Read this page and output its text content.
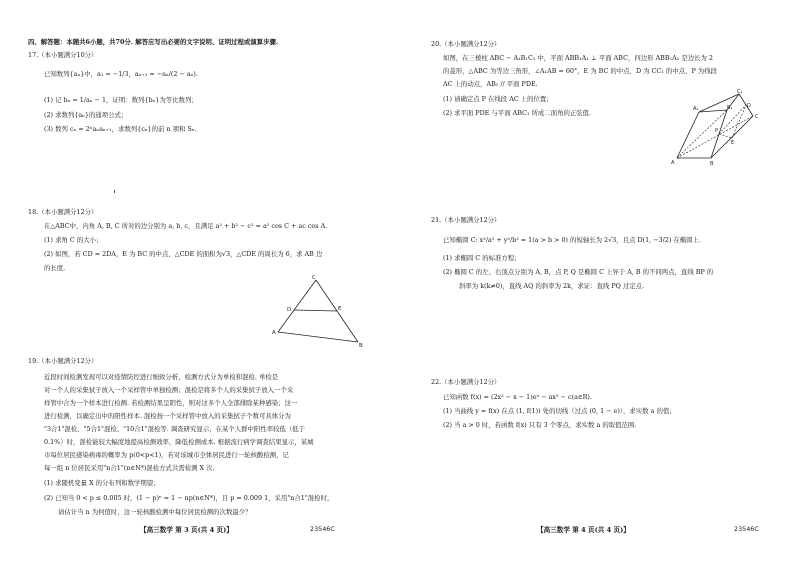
四、解答题：本题共6小题，共70分. 解答应写出必要的文字说明、证明过程或演算步骤.
17.（本小题满分10分）
已知数列{aₙ}中，a₁ = −1/3，aₙ₊₁ = −aₙ/(2 − aₙ).
(1) 记 bₙ = 1/aₙ − 1，证明：数列{bₙ}为等比数列；
(2) 求数列{aₙ}的通项公式；
(3) 数列 cₙ = 2ⁿaₙaₙ₊₁，求数列{cₙ}的前 n 项和 Sₙ.
18.（本小题满分12分）
在△ABC中，内角 A, B, C 所对的边分别为 a, b, c，且满足 a² + b² − c² = a² cos C + ac cos A.
(1) 求角 C 的大小；
(2) 如图，若 CD = 2DA，E 为 BC 的中点，△CDE 的面积为√3，△CDE 的周长为 6，求 AB 边
的长度.
C
D	E
A
B
19.（本小题满分12分）
近段时间检测发现可以对疫情防控进行细致分析，检测方式分为单检和混检. 单检是
对一个人的采集拭子放入一个采样管中单独检测；混检是将多个人的采集拭子放入一个采
样管中合为一个样本进行检测. 若检测结果呈阴性，则对这多个人全部排除某种感染；这一
进行检测，以确定出中的阳性样本. 混检按一个采样管中放入的采集拭子个数可具体分为
"3合1"混检、"5合1"混检、"10合1"混检等. 调查研究显示，在某个人群中阳性率较低（低于
0.1%）时，混检能较大幅度地提高检测效率，降低检测成本. 根据流行病学调查结果显示，某城
市每位居民感染病毒的概率为 p(0<p<1)，若对该城市全体居民进行一轮核酸检测，记
每一组 n 位居民采用"n合1"(n∈N*)混检方式共需检测 X 次.
(1) 求随机变量 X 的分布列和数学期望；
(2) 已知当 0 < p ≤ 0.005 时，(1 − p)ⁿ ≈ 1 − np(n∈N*)，且 p = 0.009 1，采用"n合1"混检时，
请估计当 n 为何值时，这一轮核酸检测中每位居民检测的次数最少？
【高三数学 第 3 页(共 4 页)】	23546C
20.（本小题满分12分）
如图，在三棱柱 ABC − A₁B₁C₁ 中，平面 ABB₁A₁ ⊥ 平面 ABC，四边形 ABB₁A₁ 是边长为 2
的菱形，△ABC 为等边三角形，∠A₁AB = 60°，E 为 BC 的中点，D 为 CC₁ 的中点，P 为线段
AC 上的动点，AB₁ // 平面 PDE.
(1) 请确定点 P 在线段 AC 上的位置；
(2) 求平面 PDE 与平面 ABC₁ 所成二面角的正弦值.
C₁
B₁
A₁	D
P
E
A
C
B
21.（本小题满分12分）
已知椭圆 C: x²/a² + y²/b² = 1(a > b > 0) 的短轴长为 2√3，且点 D(1, −3/2) 在椭圆上.
(1) 求椭圆 C 的标准方程；
(2) 椭圆 C 的左、右顶点分别为 A, B，点 P, Q 是椭圆 C 上异于 A, B 的不同两点，直线 BP 的
斜率为 k(k≠0)，直线 AQ 的斜率为 2k，求证：直线 PQ 过定点.
22.（本小题满分12分）
已知函数 f(x) = (2x² − x − 1)eˣ − ax² − c(a∈R).
(1) 当曲线 y = f(x) 在点 (1, f(1)) 处的切线（过点 (0, 1 − e)），求实数 a 的值；
(2) 当 a > 0 时，若函数 f(x) 只有 3 个零点，求实数 a 的取值范围.
【高三数学 第 4 页(共 4 页)】	23546C
